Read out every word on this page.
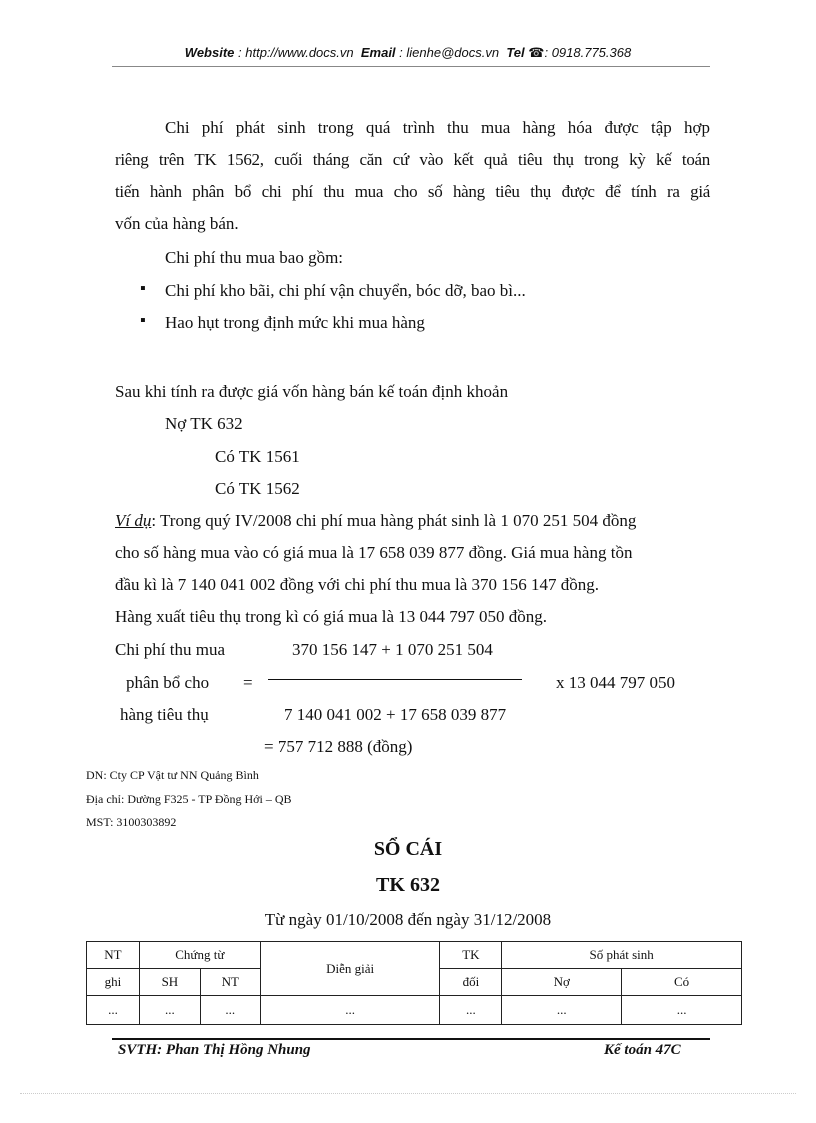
Website : http://www.docs.vn Email : lienhe@docs.vn Tel ☎: 0918.775.368
Chi phí phát sinh trong quá trình thu mua hàng hóa được tập hợp
riêng trên TK 1562, cuối tháng căn cứ vào kết quả tiêu thụ trong kỳ kế toán
tiến hành phân bổ chi phí thu mua cho số hàng tiêu thụ được để tính ra giá
vốn của hàng bán.
Chi phí thu mua bao gồm:
▪ Chi phí kho bãi, chi phí vận chuyển, bóc dỡ, bao bì...
▪ Hao hụt trong định mức khi mua hàng
Sau khi tính ra được giá vốn hàng bán kế toán định khoản
Nợ TK 632
Có TK 1561
Có TK 1562
Ví dụ: Trong quý IV/2008 chi phí mua hàng phát sinh là 1 070 251 504 đồng
cho số hàng mua vào có giá mua là 17 658 039 877 đồng. Giá mua hàng tồn
đầu kì là 7 140 041 002 đồng với chi phí thu mua là 370 156 147 đồng.
Hàng xuất tiêu thụ trong kì có giá mua là 13 044 797 050 đồng.
Chi phí thu mua	370 156 147 + 1 070 251 504
phân bổ cho =	x 13 044 797 050
hàng tiêu thụ	7 140 041 002 + 17 658 039 877
= 757 712 888 (đồng)
DN: Cty CP Vật tư NN Quảng Bình
Địa chỉ: Dường F325 - TP Đồng Hới – QB
MST: 3100303892
SỔ CÁI
TK 632
Từ ngày 01/10/2008 đến ngày 31/12/2008
NT	Chứng từ		Diễn giải	TK	Số phát sinh	
ghi	SH	NT		đối	Nợ	Có
...	...	...	...	...	...	...
SVTH: Phan Thị Hồng Nhung	Kế toán 47C
